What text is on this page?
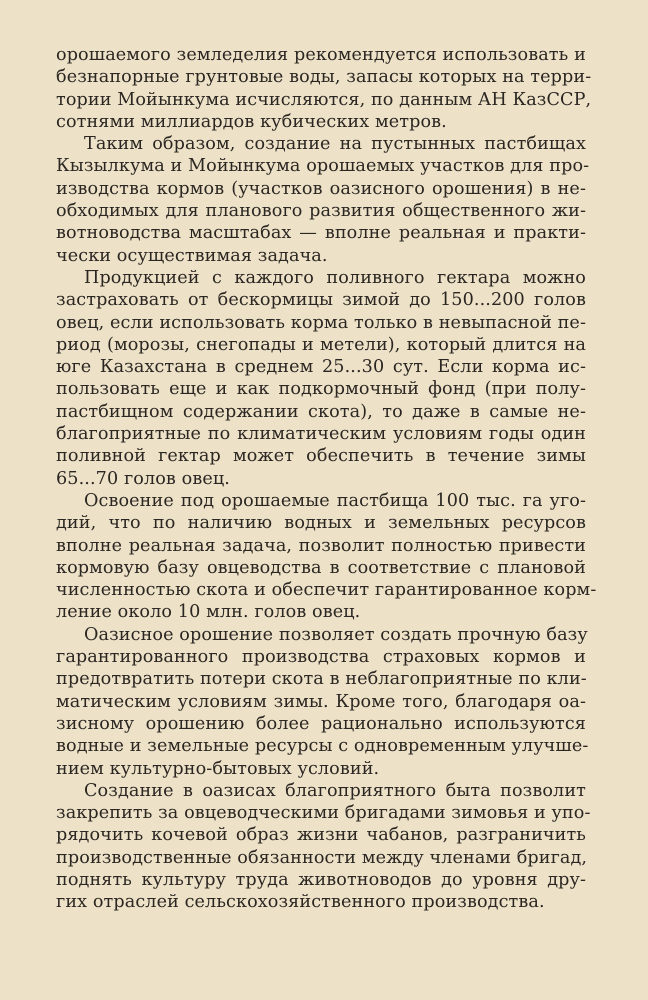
орошаемого земледелия рекомендуется использовать и
безнапорные грунтовые воды, запасы которых на терри-
тории Мойынкума исчисляются, по данным АН КазССР,
сотнями миллиардов кубических метров.
Таким образом, создание на пустынных пастбищах
Кызылкума и Мойынкума орошаемых участков для про-
изводства кормов (участков оазисного орошения) в не-
обходимых для планового развития общественного жи-
вотноводства масштабах — вполне реальная и практи-
чески осуществимая задача.
Продукцией с каждого поливного гектара можно
застраховать от бескормицы зимой до 150...200 голов
овец, если использовать корма только в невыпасной пе-
риод (морозы, снегопады и метели), который длится на
юге Казахстана в среднем 25...30 сут. Если корма ис-
пользовать еще и как подкормочный фонд (при полу-
пастбищном содержании скота), то даже в самые не-
благоприятные по климатическим условиям годы один
поливной гектар может обеспечить в течение зимы
65...70 голов овец.
Освоение под орошаемые пастбища 100 тыс. га уго-
дий, что по наличию водных и земельных ресурсов
вполне реальная задача, позволит полностью привести
кормовую базу овцеводства в соответствие с плановой
численностью скота и обеспечит гарантированное корм-
ление около 10 млн. голов овец.
Оазисное орошение позволяет создать прочную базу
гарантированного производства страховых кормов и
предотвратить потери скота в неблагоприятные по кли-
матическим условиям зимы. Кроме того, благодаря оа-
зисному орошению более рационально используются
водные и земельные ресурсы с одновременным улучше-
нием культурно-бытовых условий.
Создание в оазисах благоприятного быта позволит
закрепить за овцеводческими бригадами зимовья и упо-
рядочить кочевой образ жизни чабанов, разграничить
производственные обязанности между членами бригад,
поднять культуру труда животноводов до уровня дру-
гих отраслей сельскохозяйственного производства.
